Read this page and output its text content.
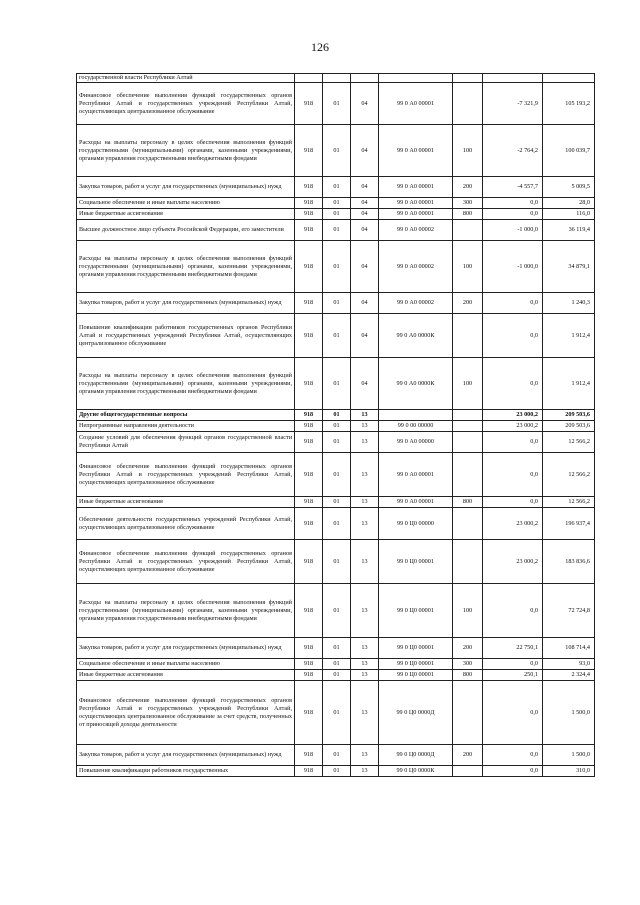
126
государственной власти Республики Алтай							
Финансовое обеспечение выполнения функций государственных органов Республики Алтай и государственных учреждений Республики Алтай, осуществляющих централизованное обслуживание	918	01	04	99 0 А0 00001		-7 321,9	105 193,2
Расходы на выплаты персоналу в целях обеспечения выполнения функций государственными (муниципальными) органами, казенными учреждениями, органами управления государственными внебюджетными фондами	918	01	04	99 0 А0 00001	100	-2 764,2	100 039,7
Закупка товаров, работ и услуг для государственных (муниципальных) нужд	918	01	04	99 0 А0 00001	200	-4 557,7	5 009,5
Социальное обеспечение и иные выплаты населению	918	01	04	99 0 А0 00001	300	0,0	28,0
Иные бюджетные ассигнования	918	01	04	99 0 А0 00001	800	0,0	116,0
Высшее должностное лицо субъекта Российской Федерации, его заместители	918	01	04	99 0 А0 00002		-1 000,0	36 119,4
Расходы на выплаты персоналу в целях обеспечения выполнения функций государственными (муниципальными) органами, казенными учреждениями, органами управления государственными внебюджетными фондами	918	01	04	99 0 А0 00002	100	-1 000,0	34 879,1
Закупка товаров, работ и услуг для государственных (муниципальных) нужд	918	01	04	99 0 А0 00002	200	0,0	1 240,3
Повышение квалификации работников государственных органов Республики Алтай и государственных учреждений Республики Алтай, осуществляющих централизованное обслуживание	918	01	04	99 0 А0 0000К		0,0	1 912,4
Расходы на выплаты персоналу в целях обеспечения выполнения функций государственными (муниципальными) органами, казенными учреждениями, органами управления государственными внебюджетными фондами	918	01	04	99 0 А0 0000К	100	0,0	1 912,4
Другие общегосударственные вопросы	918	01	13			23 000,2	209 503,6
Непрограммные направления деятельности	918	01	13	99 0 00 00000		23 000,2	209 503,6
Создание условий для обеспечения функций органов государственной власти Республики Алтай	918	01	13	99 0 А0 00000		0,0	12 566,2
Финансовое обеспечение выполнения функций государственных органов Республики Алтай и государственных учреждений Республики Алтай, осуществляющих централизованное обслуживание	918	01	13	99 0 А0 00001		0,0	12 566,2
Иные бюджетные ассигнования	918	01	13	99 0 А0 00001	800	0,0	12 566,2
Обеспечение деятельности государственных учреждений Республики Алтай, осуществляющих централизованное обслуживание	918	01	13	99 0 Ц0 00000		23 000,2	196 937,4
Финансовое обеспечение выполнения функций государственных органов Республики Алтай и государственных учреждений Республики Алтай, осуществляющих централизованное обслуживание	918	01	13	99 0 Ц0 00001		23 000,2	183 836,6
Расходы на выплаты персоналу в целях обеспечения выполнения функций государственными (муниципальными) органами, казенными учреждениями, органами управления государственными внебюджетными фондами	918	01	13	99 0 Ц0 00001	100	0,0	72 724,8
Закупка товаров, работ и услуг для государственных (муниципальных) нужд	918	01	13	99 0 Ц0 00001	200	22 750,1	108 714,4
Социальное обеспечение и иные выплаты населению	918	01	13	99 0 Ц0 00001	300	0,0	93,0
Иные бюджетные ассигнования	918	01	13	99 0 Ц0 00001	800	250,1	2 324,4
Финансовое обеспечение выполнения функций государственных органов Республики Алтай и государственных учреждений Республики Алтай, осуществляющих централизованное обслуживание за счет средств, полученных от приносящей доходы деятельности	918	01	13	99 0 Ц0 0000Д		0,0	1 500,0
Закупка товаров, работ и услуг для государственных (муниципальных) нужд	918	01	13	99 0 Ц0 0000Д	200	0,0	1 500,0
Повышение квалификации работников государственных	918	01	13	99 0 Ц0 0000К		0,0	310,0
